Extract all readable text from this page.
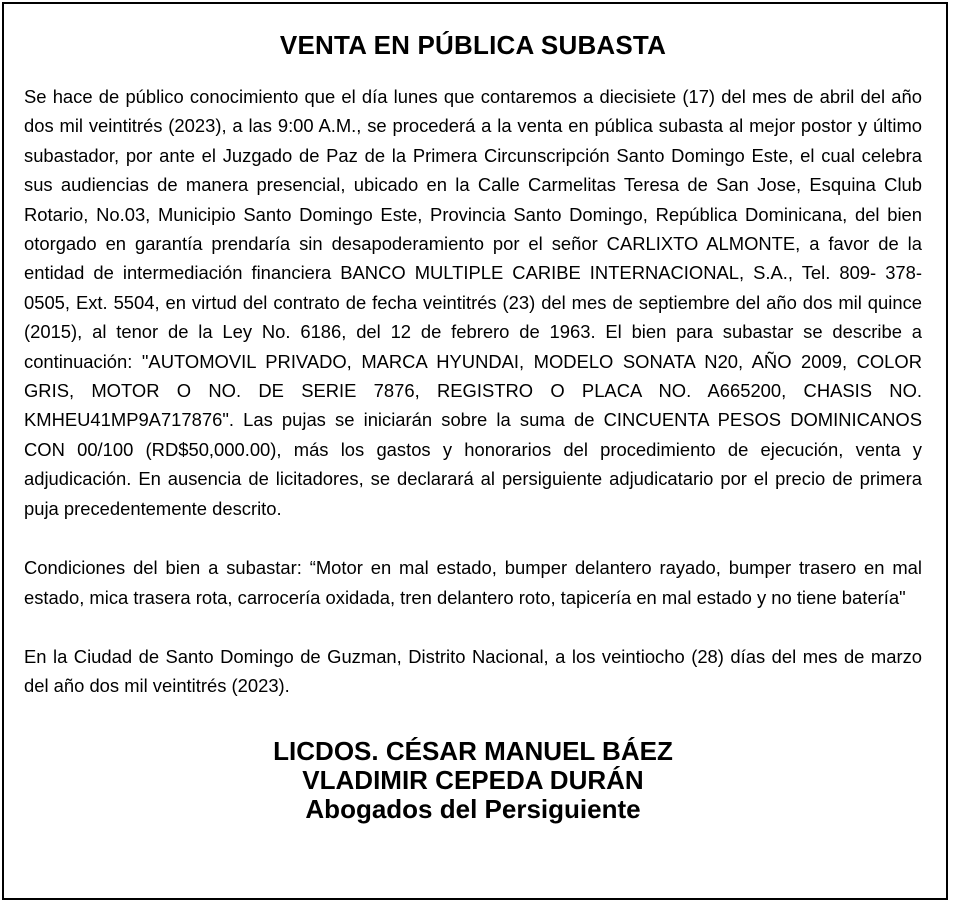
VENTA EN PÚBLICA SUBASTA

Se hace de público conocimiento que el día lunes que contaremos a diecisiete (17) del mes de abril del año dos mil veintitrés (2023), a las 9:00 A.M., se procederá a la venta en pública subasta al mejor postor y último subastador, por ante el Juzgado de Paz de la Primera Circunscripción Santo Domingo Este, el cual celebra sus audiencias de manera presencial, ubicado en la Calle Carmelitas Teresa de San Jose, Esquina Club Rotario, No.03, Municipio Santo Domingo Este, Provincia Santo Domingo, República Dominicana, del bien otorgado en garantía prendaría sin desapoderamiento por el señor CARLIXTO ALMONTE, a favor de la entidad de intermediación financiera BANCO MULTIPLE CARIBE INTERNACIONAL, S.A., Tel. 809- 378-0505, Ext. 5504, en virtud del contrato de fecha veintitrés (23) del mes de septiembre del año dos mil quince (2015), al tenor de la Ley No. 6186, del 12 de febrero de 1963. El bien para subastar se describe a continuación: "AUTOMOVIL PRIVADO, MARCA HYUNDAI, MODELO SONATA N20, AÑO 2009, COLOR GRIS, MOTOR O NO. DE SERIE 7876, REGISTRO O PLACA NO. A665200, CHASIS NO. KMHEU41MP9A717876". Las pujas se iniciarán sobre la suma de CINCUENTA PESOS DOMINICANOS CON 00/100 (RD$50,000.00), más los gastos y honorarios del procedimiento de ejecución, venta y adjudicación. En ausencia de licitadores, se declarará al persiguiente adjudicatario por el precio de primera puja precedentemente descrito.

Condiciones del bien a subastar: “Motor en mal estado, bumper delantero rayado, bumper trasero en mal estado, mica trasera rota, carrocería oxidada, tren delantero roto, tapicería en mal estado y no tiene batería"

En la Ciudad de Santo Domingo de Guzman, Distrito Nacional, a los veintiocho (28) días del mes de marzo del año dos mil veintitrés (2023).

LICDOS. CÉSAR MANUEL BÁEZ
VLADIMIR CEPEDA DURÁN
Abogados del Persiguiente
